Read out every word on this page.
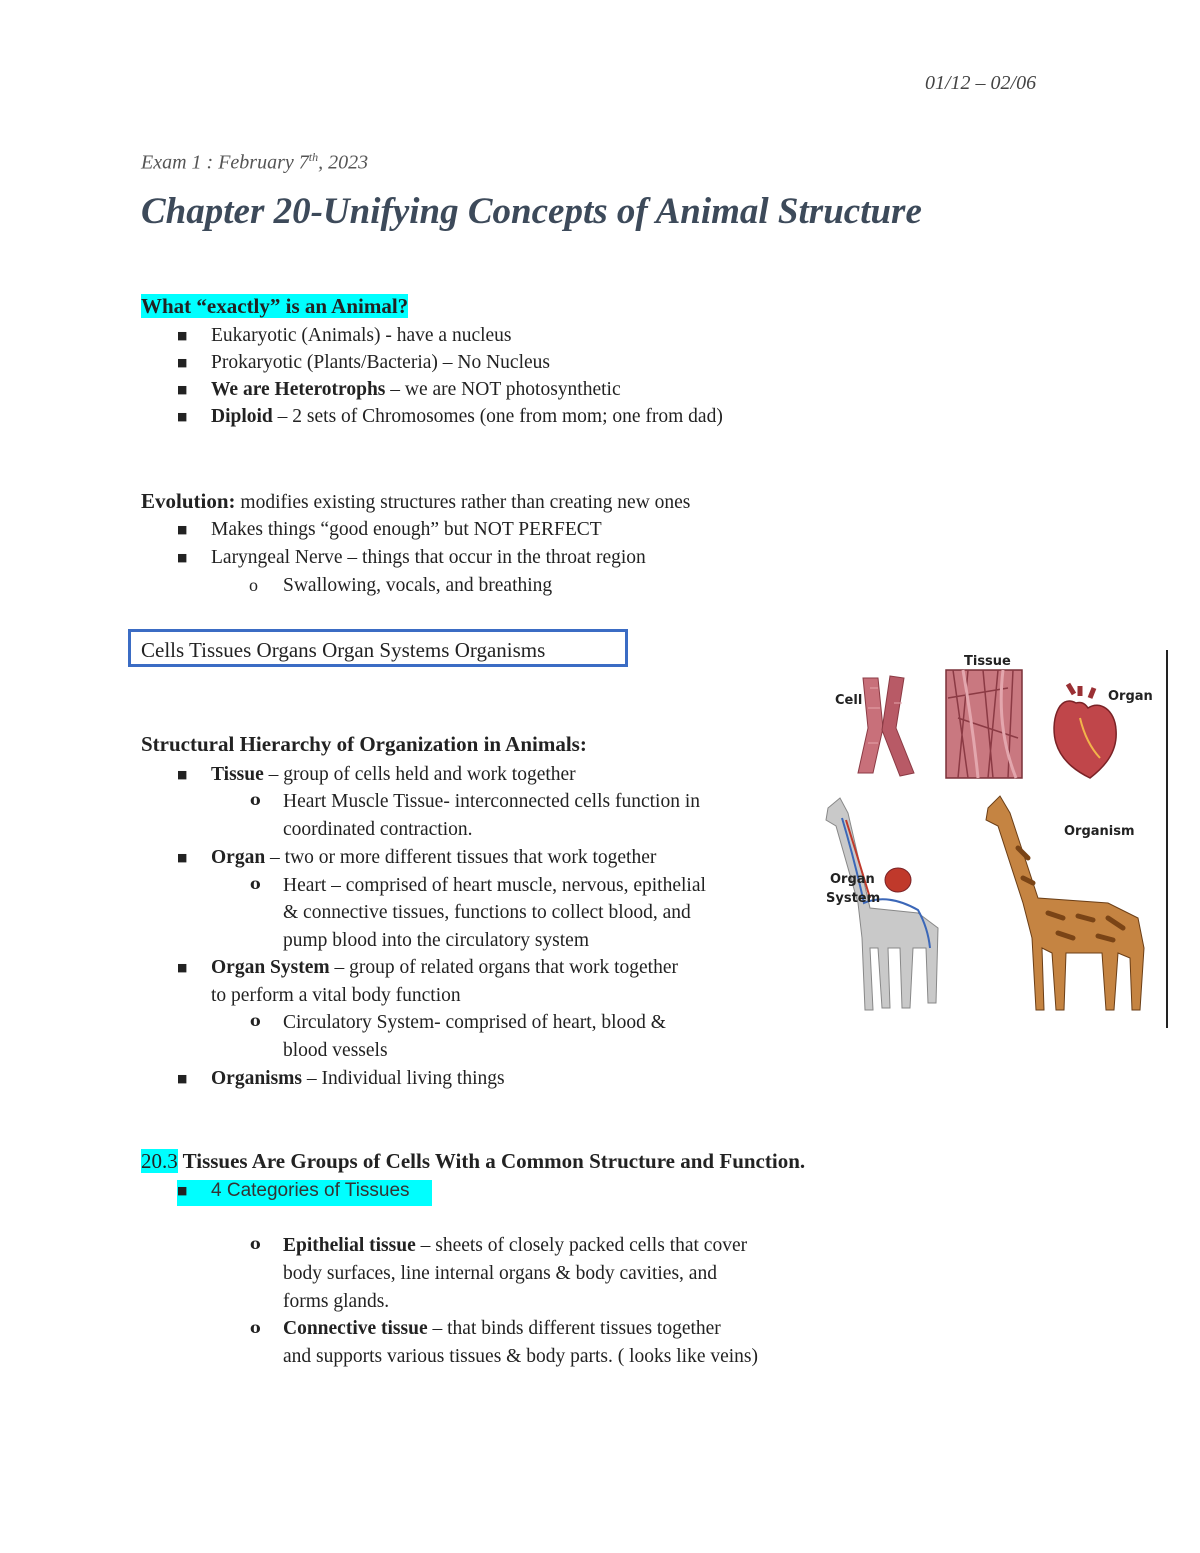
01/12 – 02/06
Exam 1 : February 7th, 2023
Chapter 20-Unifying Concepts of Animal Structure
What “exactly” is an Animal?
■ Eukaryotic (Animals) - have a nucleus
■ Prokaryotic (Plants/Bacteria) – No Nucleus
■ We are Heterotrophs – we are NOT photosynthetic
■ Diploid – 2 sets of Chromosomes (one from mom; one from dad)
Evolution: modifies existing structures rather than creating new ones
■ Makes things “good enough” but NOT PERFECT
■ Laryngeal Nerve – things that occur in the throat region
o Swallowing, vocals, and breathing
Cells Tissues Organs Organ Systems Organisms
Cell
Tissue
Organ
Organism
Organ
System
Structural Hierarchy of Organization in Animals:
■ Tissue – group of cells held and work together
o Heart Muscle Tissue- interconnected cells function in
coordinated contraction.
■ Organ – two or more different tissues that work together
o Heart – comprised of heart muscle, nervous, epithelial
& connective tissues, functions to collect blood, and
pump blood into the circulatory system
■ Organ System – group of related organs that work together
to perform a vital body function
o Circulatory System- comprised of heart, blood &
blood vessels
■ Organisms – Individual living things
20.3 Tissues Are Groups of Cells With a Common Structure and Function.
■ 4 Categories of Tissues
o Epithelial tissue – sheets of closely packed cells that cover
body surfaces, line internal organs & body cavities, and
forms glands.
o Connective tissue – that binds different tissues together
and supports various tissues & body parts. ( looks like veins)
